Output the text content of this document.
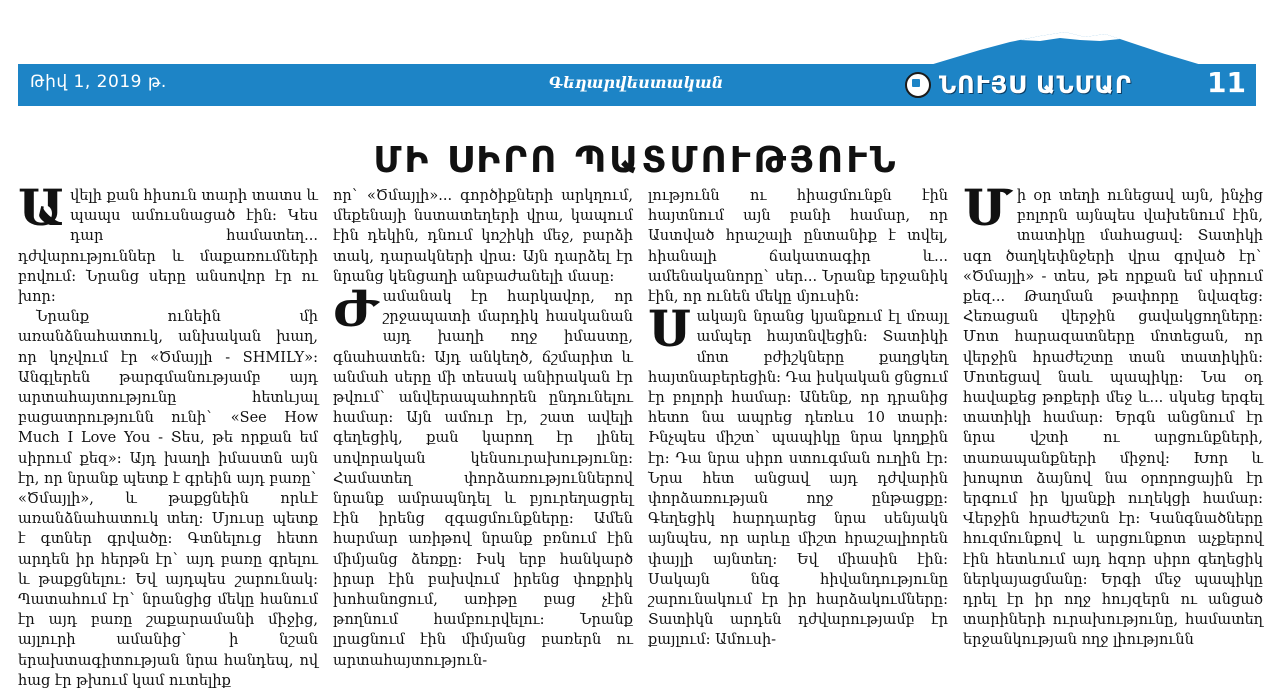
Թիվ 1, 2019 թ.	Գեղարվեստական	ՆՈՒՅՍ ԱՆՄԱՐ	11
ՄԻ ՍԻՐՈ ՊԱՏՄՈՒԹՅՈՒՆ

Ավելի քան հիսուն տարի տատս և պապս ամուսնացած էին: Կես դար համատեղ... դժվարություններ և մաքառումների բովում: Նրանց սերը անսովոր էր ու խոր:

Նրանք ունեին մի առանձնահատուկ, անխական խաղ, որ կոչվում էր «Ծմայլի - SHMILY»: Անգլերեն թարգմանությամբ այդ արտահայտությունը հետևյալ բացատրությունն ունի` «See How Much I Love You - Տես, թե որքան եմ սիրում քեզ»: Այդ խաղի իմաստն այն էր, որ նրանք պետք է գրեին այդ բառը` «Ծմայլի», և թաքցնեին որևէ առանձնահատուկ տեղ: Մյուսը պետք է գտներ գրվածը: Գտնելուց հետո արդեն իր հերթն էր` այդ բառը գրելու և թաքցնելու: Եվ այդպես շարունակ: Պատահում էր` նրանցից մեկը հանում էր այդ բառը շաքարամանի միջից, այլուրի ամանից` ի նշան երախտագիտության նրա հանդեպ, ով հաց էր թխում կամ ուտելիք

որ` «Ծմայլի»... գործիքների արկղում, մեքենայի նստատեղերի վրա, կապում էին դեկին, դնում կոշիկի մեջ, բարձի տակ, դարակների վրա: Այն դարձել էր նրանց կենցաղի անբաժանելի մասը:

Ժամանակ էր հարկավոր, որ շրջապատի մարդիկ հասկանան այդ խաղի ողջ իմաստը, գնահատեն: Այդ անկեղծ, ճշմարիտ և անմահ սերը մի տեսակ անիրական էր թվում` անվերապահորեն ընդունելու համար: Այն ամուր էր, շատ ավելի գեղեցիկ, քան կարող էր լինել սովորական կենսուրախությունը: Համատեղ փորձառություններով նրանք ամրապնդել և բյուրեղացրել էին իրենց զգացմունքները: Ամեն հարմար առիթով նրանք բռնում էին միմյանց ձեռքը: Իսկ երբ հանկարծ իրար էին բախվում իրենց փոքրիկ խոհանոցում, առիթը բաց չէին թողնում համբուրվելու: Նրանք լրացնում էին միմյանց բառերն ու արտահայտություն-

լությունն ու հիացմունքն էին հայտնում այն բանի համար, որ Աստված հրաշալի ընտանիք է տվել, հիանալի ճակատագիր և... ամենականորը` սեր... Նրանք երջանիկ էին, որ ունեն մեկը մյուսին:

Սակայն նրանց կյանքում էլ մռայլ ամպեր հայտնվեցին: Տատիկի մոտ բժիշկները քաղցկեղ հայտնաբերեցին: Դա իսկական ցնցում էր բոլորի համար: Անենք, որ դրանից հետո նա ապրեց դեռևս 10 տարի: Ինչպես միշտ` պապիկը նրա կողքին էր: Դա նրա սիրո ստուգման ուղին էր: Նրա հետ անցավ այդ դժվարին փորձառության ողջ ընթացքը: Գեղեցիկ հարդարեց նրա սենյակն այնպես, որ արևը միշտ հրաշալիորեն փայլի այնտեղ: Եվ միասին էին: Սակայն ննգ հիվանդությունը շարունակում էր իր հարձակումները: Տատիկն արդեն դժվարությամբ էր քայլում: Ամուսի-

Մի օր տեղի ունեցավ այն, ինչից բոլորն այնպես վախենում էին, տատիկը մահացավ: Տատիկի սգո ծաղկեփնջերի վրա գրված էր` «Ծմայլի» - տես, թե որքան եմ սիրում քեզ... Թաղման թափորը նվազեց: Հեռացան վերջին ցավակցողները: Մոտ հարազատները մոտեցան, որ վերջին հրաժեշտը տան տատիկին: Մոտեցավ նաև պապիկը: Նա օդ հավաքեց թոքերի մեջ և... սկսեց երգել տատիկի համար: Երգն անցնում էր նրա վշտի ու արցունքների, տառապանքների միջով: Խոր և խոպոտ ձայնով նա օրորոցային էր երգում իր կյանքի ուղեկցի համար: Վերջին հրաժեշտն էր: Կանգնածները հուզմունքով և արցունքոտ աչքերով էին հետևում այդ հզոր սիրո գեղեցիկ ներկայացմանը: Երգի մեջ պապիկը դրել էր իր ողջ հույզերն ու անցած տարիների ուրախությունը, համատեղ երջանկության ողջ լիությունն
